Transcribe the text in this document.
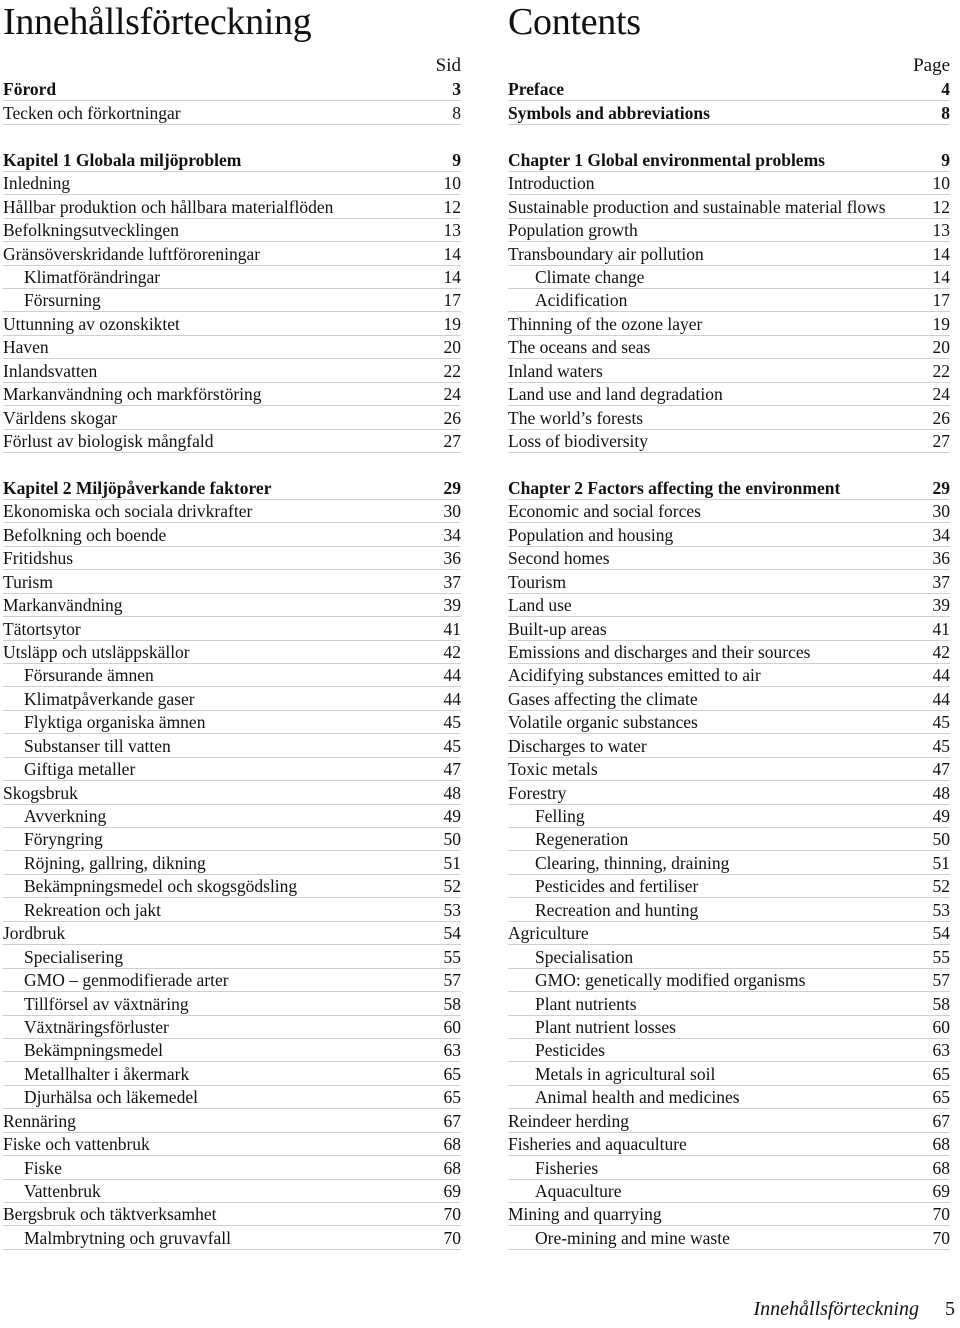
Innehållsförteckning
Sid
Förord	3
Tecken och förkortningar	8
Kapitel 1 Globala miljöproblem	9
Inledning	10
Hållbar produktion och hållbara materialflöden	12
Befolkningsutvecklingen	13
Gränsöverskridande luftföroreningar	14
Klimatförändringar	14
Försurning	17
Uttunning av ozonskiktet	19
Haven	20
Inlandsvatten	22
Markanvändning och markförstöring	24
Världens skogar	26
Förlust av biologisk mångfald	27
Kapitel 2 Miljöpåverkande faktorer	29
Ekonomiska och sociala drivkrafter	30
Befolkning och boende	34
Fritidshus	36
Turism	37
Markanvändning	39
Tätortsytor	41
Utsläpp och utsläppskällor	42
Försurande ämnen	44
Klimatpåverkande gaser	44
Flyktiga organiska ämnen	45
Substanser till vatten	45
Giftiga metaller	47
Skogsbruk	48
Avverkning	49
Föryngring	50
Röjning, gallring, dikning	51
Bekämpningsmedel och skogsgödsling	52
Rekreation och jakt	53
Jordbruk	54
Specialisering	55
GMO – genmodifierade arter	57
Tillförsel av växtnäring	58
Växtnäringsförluster	60
Bekämpningsmedel	63
Metallhalter i åkermark	65
Djurhälsa och läkemedel	65
Rennäring	67
Fiske och vattenbruk	68
Fiske	68
Vattenbruk	69
Bergsbruk och täktverksamhet	70
Malmbrytning och gruvavfall	70
Contents
Page
Preface	4
Symbols and abbreviations	8
Chapter 1 Global environmental problems	9
Introduction	10
Sustainable production and sustainable material flows	12
Population growth	13
Transboundary air pollution	14
Climate change	14
Acidification	17
Thinning of the ozone layer	19
The oceans and seas	20
Inland waters	22
Land use and land degradation	24
The world’s forests	26
Loss of biodiversity	27
Chapter 2 Factors affecting the environment	29
Economic and social forces	30
Population and housing	34
Second homes	36
Tourism	37
Land use	39
Built-up areas	41
Emissions and discharges and their sources	42
Acidifying substances emitted to air	44
Gases affecting the climate	44
Volatile organic substances	45
Discharges to water	45
Toxic metals	47
Forestry	48
Felling	49
Regeneration	50
Clearing, thinning, draining	51
Pesticides and fertiliser	52
Recreation and hunting	53
Agriculture	54
Specialisation	55
GMO: genetically modified organisms	57
Plant nutrients	58
Plant nutrient losses	60
Pesticides	63
Metals in agricultural soil	65
Animal health and medicines	65
Reindeer herding	67
Fisheries and aquaculture	68
Fisheries	68
Aquaculture	69
Mining and quarrying	70
Ore-mining and mine waste	70
Innehållsförteckning 5
